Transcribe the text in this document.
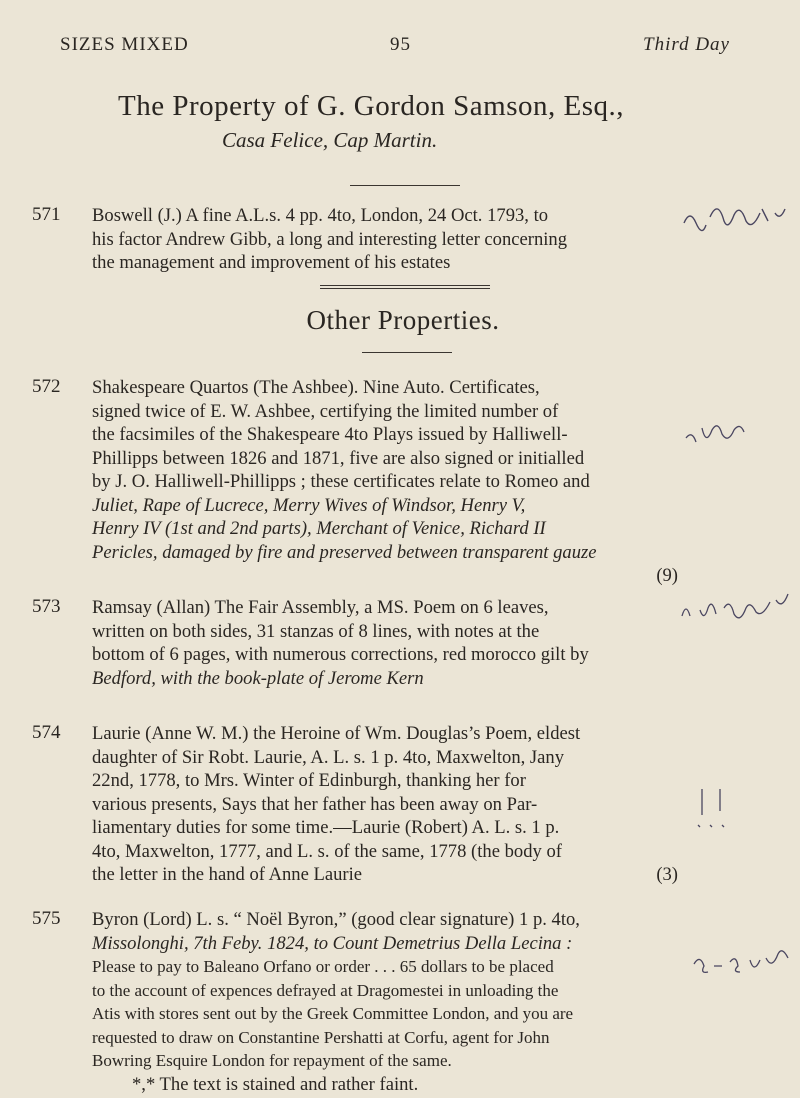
SIZES MIXED	95	Third Day
The Property of G. Gordon Samson, Esq.,
Casa Felice, Cap Martin.
571 Boswell (J.) A fine A.L.s. 4 pp. 4to, London, 24 Oct. 1793, to
his factor Andrew Gibb, a long and interesting letter concerning
the management and improvement of his estates
Other Properties.
572 Shakespeare Quartos (The Ashbee). Nine Auto. Certificates,
signed twice of E. W. Ashbee, certifying the limited number of
the facsimiles of the Shakespeare 4to Plays issued by Halliwell-
Phillipps between 1826 and 1871, five are also signed or initialled
by J. O. Halliwell-Phillipps ; these certificates relate to Romeo and
Juliet, Rape of Lucrece, Merry Wives of Windsor, Henry V,
Henry IV (1st and 2nd parts), Merchant of Venice, Richard II
Pericles, damaged by fire and preserved between transparent gauze
(9)
573 Ramsay (Allan) The Fair Assembly, a MS. Poem on 6 leaves,
written on both sides, 31 stanzas of 8 lines, with notes at the
bottom of 6 pages, with numerous corrections, red morocco gilt by
Bedford, with the book-plate of Jerome Kern
574 Laurie (Anne W. M.) the Heroine of Wm. Douglas’s Poem, eldest
daughter of Sir Robt. Laurie, A. L. s. 1 p. 4to, Maxwelton, Jany
22nd, 1778, to Mrs. Winter of Edinburgh, thanking her for
various presents, Says that her father has been away on Par-
liamentary duties for some time.—Laurie (Robert) A. L. s. 1 p.
4to, Maxwelton, 1777, and L. s. of the same, 1778 (the body of
the letter in the hand of Anne Laurie	(3)
575 Byron (Lord) L. s. “ Noël Byron,” (good clear signature) 1 p. 4to,
Missolonghi, 7th Feby. 1824, to Count Demetrius Della Lecina :
Please to pay to Baleano Orfano or order . . . 65 dollars to be placed
to the account of expences defrayed at Dragomestei in unloading the
Atis with stores sent out by the Greek Committee London, and you are
requested to draw on Constantine Pershatti at Corfu, agent for John
Bowring Esquire London for repayment of the same.
*,* The text is stained and rather faint.
